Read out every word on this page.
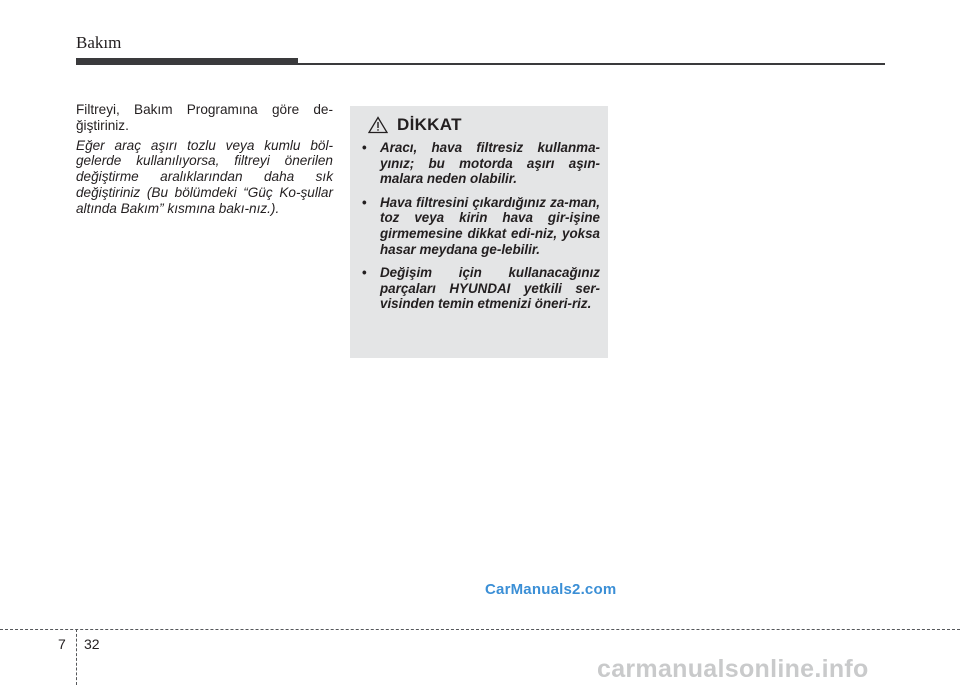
Bakım

Filtreyi, Bakım Programına göre de-ğiştiriniz.

Eğer araç aşırı tozlu veya kumlu böl-gelerde kullanılıyorsa, filtreyi önerilen değiştirme aralıklarından daha sık değiştiriniz (Bu bölümdeki “Güç Ko-şullar altında Bakım” kısmına bakı-nız.).

DİKKAT
• Aracı, hava filtresiz kullanma-yınız; bu motorda aşırı aşın-malara neden olabilir.
• Hava filtresini çıkardığınız za-man, toz veya kirin hava gir-işine girmemesine dikkat edi-niz, yoksa hasar meydana ge-lebilir.
• Değişim için kullanacağınız parçaları HYUNDAI yetkili ser-visinden temin etmenizi öneri-riz.
CarManuals2.com
7 32
carmanualsonline.info
